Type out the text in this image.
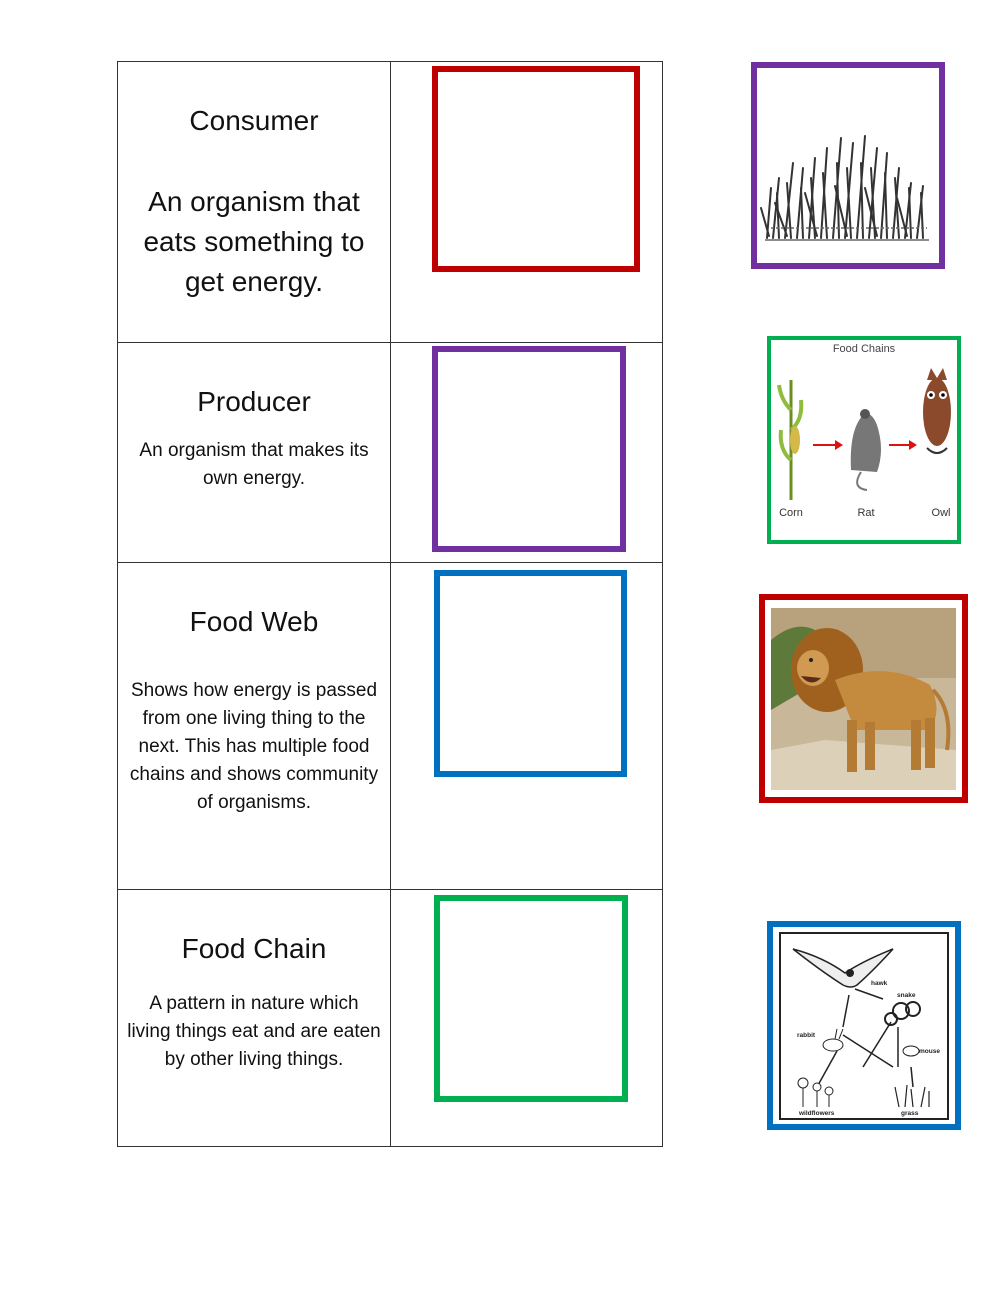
Consumer
An organism that eats something to get energy.
Producer
An organism that makes its own energy.
Food Web
Shows how energy is passed from one living thing to the next. This has multiple food chains and shows community of organisms.
Food Chain
A pattern in nature which living things eat and are eaten by other living things.
Food Chains
Corn	Rat	Owl
hawk
snake
rabbit
mouse
wildflowers	grass
